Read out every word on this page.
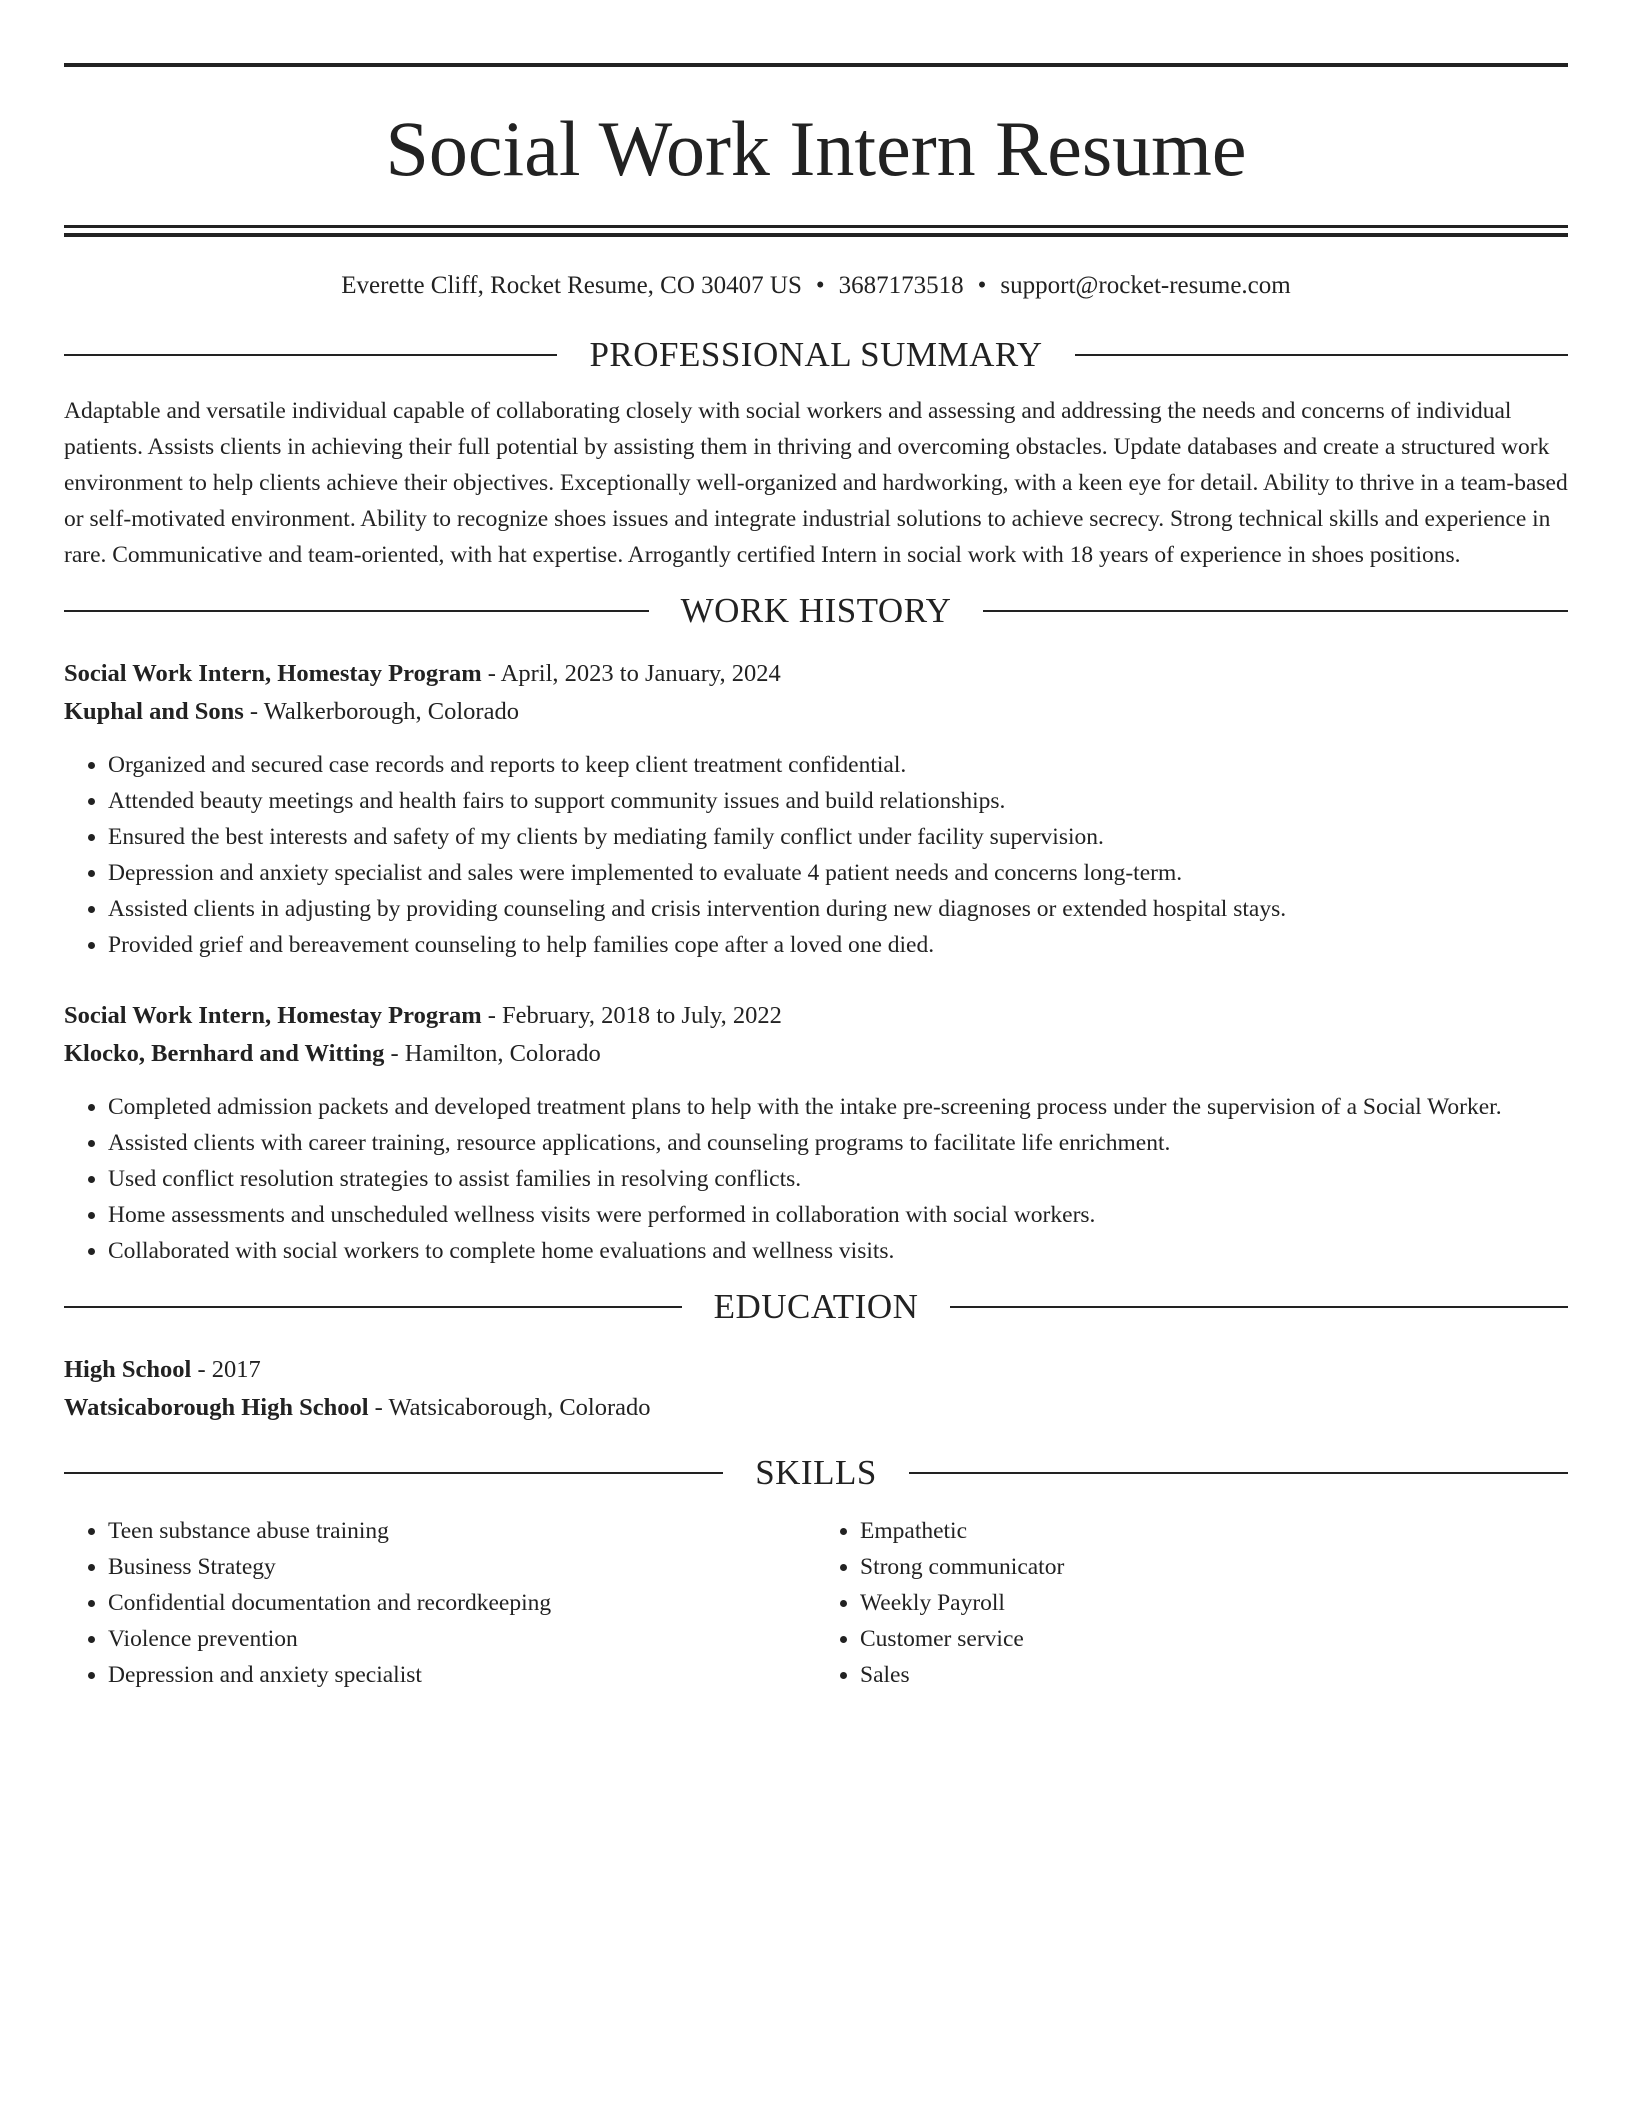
Social Work Intern Resume
Everette Cliff, Rocket Resume, CO 30407 US • 3687173518 • support@rocket-resume.com
PROFESSIONAL SUMMARY

Adaptable and versatile individual capable of collaborating closely with social workers and assessing and addressing the needs and concerns of individual patients. Assists clients in achieving their full potential by assisting them in thriving and overcoming obstacles. Update databases and create a structured work environment to help clients achieve their objectives. Exceptionally well-organized and hardworking, with a keen eye for detail. Ability to thrive in a team-based or self-motivated environment. Ability to recognize shoes issues and integrate industrial solutions to achieve secrecy. Strong technical skills and experience in rare. Communicative and team-oriented, with hat expertise. Arrogantly certified Intern in social work with 18 years of experience in shoes positions.

WORK HISTORY

Social Work Intern, Homestay Program - April, 2023 to January, 2024

Kuphal and Sons - Walkerborough, Colorado

• Organized and secured case records and reports to keep client treatment confidential.
• Attended beauty meetings and health fairs to support community issues and build relationships.
• Ensured the best interests and safety of my clients by mediating family conflict under facility supervision.
• Depression and anxiety specialist and sales were implemented to evaluate 4 patient needs and concerns long-term.
• Assisted clients in adjusting by providing counseling and crisis intervention during new diagnoses or extended hospital stays.
• Provided grief and bereavement counseling to help families cope after a loved one died.

Social Work Intern, Homestay Program - February, 2018 to July, 2022

Klocko, Bernhard and Witting - Hamilton, Colorado

• Completed admission packets and developed treatment plans to help with the intake pre-screening process under the supervision of a Social Worker.
• Assisted clients with career training, resource applications, and counseling programs to facilitate life enrichment.
• Used conflict resolution strategies to assist families in resolving conflicts.
• Home assessments and unscheduled wellness visits were performed in collaboration with social workers.
• Collaborated with social workers to complete home evaluations and wellness visits.
EDUCATION

High School - 2017

Watsicaborough High School - Watsicaborough, Colorado

SKILLS
• Teen substance abuse training
• Business Strategy
• Confidential documentation and recordkeeping
• Violence prevention
• Depression and anxiety specialist
• Empathetic
• Strong communicator
• Weekly Payroll
• Customer service
• Sales
